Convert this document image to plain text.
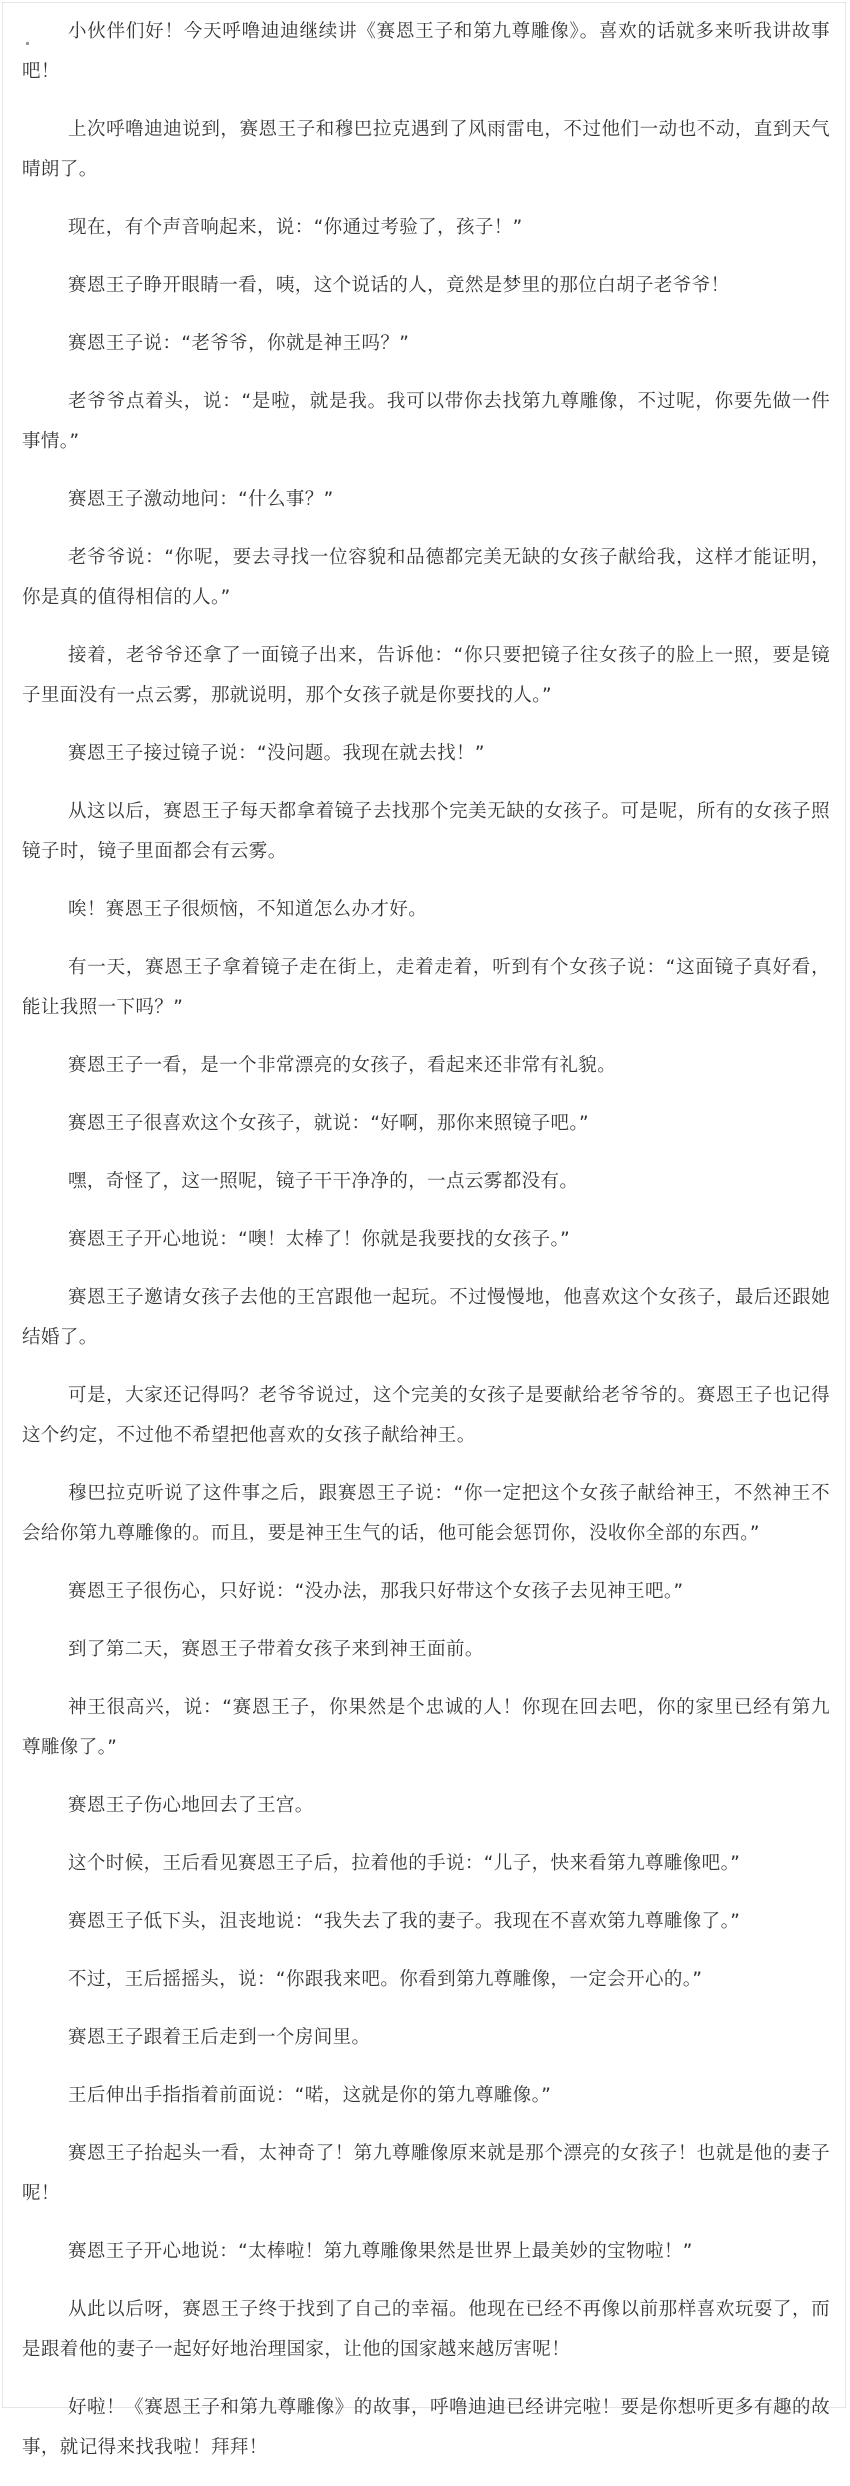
小伙伴们好！今天呼噜迪迪继续讲《赛恩王子和第九尊雕像》。喜欢的话就多来听我讲故事吧！

上次呼噜迪迪说到，赛恩王子和穆巴拉克遇到了风雨雷电，不过他们一动也不动，直到天气晴朗了。

现在，有个声音响起来，说：“你通过考验了，孩子！”

赛恩王子睁开眼睛一看，咦，这个说话的人，竟然是梦里的那位白胡子老爷爷！

赛恩王子说：“老爷爷，你就是神王吗？”

老爷爷点着头，说：“是啦，就是我。我可以带你去找第九尊雕像，不过呢，你要先做一件事情。”

赛恩王子激动地问：“什么事？”

老爷爷说：“你呢，要去寻找一位容貌和品德都完美无缺的女孩子献给我，这样才能证明，你是真的值得相信的人。”

接着，老爷爷还拿了一面镜子出来，告诉他：“你只要把镜子往女孩子的脸上一照，要是镜子里面没有一点云雾，那就说明，那个女孩子就是你要找的人。”

赛恩王子接过镜子说：“没问题。我现在就去找！”

从这以后，赛恩王子每天都拿着镜子去找那个完美无缺的女孩子。可是呢，所有的女孩子照镜子时，镜子里面都会有云雾。

唉！赛恩王子很烦恼，不知道怎么办才好。

有一天，赛恩王子拿着镜子走在街上，走着走着，听到有个女孩子说：“这面镜子真好看，能让我照一下吗？”

赛恩王子一看，是一个非常漂亮的女孩子，看起来还非常有礼貌。

赛恩王子很喜欢这个女孩子，就说：“好啊，那你来照镜子吧。”

嘿，奇怪了，这一照呢，镜子干干净净的，一点云雾都没有。

赛恩王子开心地说：“噢！太棒了！你就是我要找的女孩子。”

赛恩王子邀请女孩子去他的王宫跟他一起玩。不过慢慢地，他喜欢这个女孩子，最后还跟她结婚了。

可是，大家还记得吗？老爷爷说过，这个完美的女孩子是要献给老爷爷的。赛恩王子也记得这个约定，不过他不希望把他喜欢的女孩子献给神王。

穆巴拉克听说了这件事之后，跟赛恩王子说：“你一定把这个女孩子献给神王，不然神王不会给你第九尊雕像的。而且，要是神王生气的话，他可能会惩罚你，没收你全部的东西。”

赛恩王子很伤心，只好说：“没办法，那我只好带这个女孩子去见神王吧。”

到了第二天，赛恩王子带着女孩子来到神王面前。

神王很高兴，说：“赛恩王子，你果然是个忠诚的人！你现在回去吧，你的家里已经有第九尊雕像了。”

赛恩王子伤心地回去了王宫。

这个时候，王后看见赛恩王子后，拉着他的手说：“儿子，快来看第九尊雕像吧。”

赛恩王子低下头，沮丧地说：“我失去了我的妻子。我现在不喜欢第九尊雕像了。”

不过，王后摇摇头，说：“你跟我来吧。你看到第九尊雕像，一定会开心的。”

赛恩王子跟着王后走到一个房间里。

王后伸出手指指着前面说：“喏，这就是你的第九尊雕像。”

赛恩王子抬起头一看，太神奇了！第九尊雕像原来就是那个漂亮的女孩子！也就是他的妻子呢！

赛恩王子开心地说：“太棒啦！第九尊雕像果然是世界上最美妙的宝物啦！”

从此以后呀，赛恩王子终于找到了自己的幸福。他现在已经不再像以前那样喜欢玩耍了，而是跟着他的妻子一起好好地治理国家，让他的国家越来越厉害呢！

好啦！《赛恩王子和第九尊雕像》的故事，呼噜迪迪已经讲完啦！要是你想听更多有趣的故事，就记得来找我啦！拜拜！
